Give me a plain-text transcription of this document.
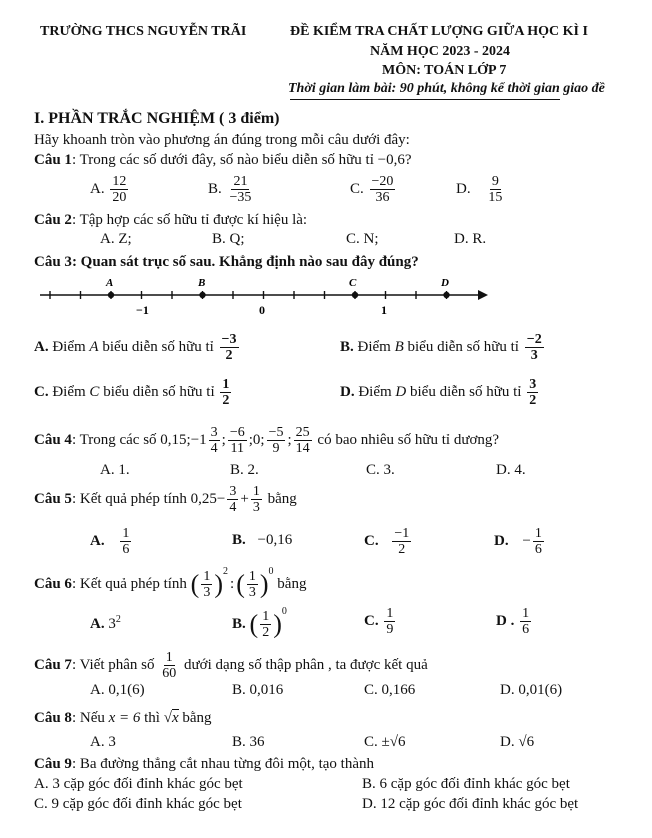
TRƯỜNG THCS NGUYỄN TRÃI	ĐỀ KIỂM TRA CHẤT LƯỢNG GIỮA HỌC KÌ I
NĂM HỌC 2023 - 2024
MÔN: TOÁN LỚP 7
Thời gian làm bài: 90 phút, không kể thời gian giao đề
I. PHẦN TRẮC NGHIỆM ( 3 điểm)
Hãy khoanh tròn vào phương án đúng trong mỗi câu dưới đây:
Câu 1: Trong các số dưới đây, số nào biểu diễn số hữu tỉ −0,6?
A. $\frac{12}{20}$	B. $\frac{21}{-35}$	C. $\frac{-20}{36}$	D. $\frac{9}{15}$
Câu 2: Tập hợp các số hữu tỉ được kí hiệu là:
A. Z;	B. Q;	C. N;	D. R.
Câu 3: Quan sát trục số sau. Khẳng định nào sau đây đúng?
A	B	C	D
−1	0	1
A. Điểm A biểu diễn số hữu tỉ $\frac{-3}{2}$	B. Điểm B biểu diễn số hữu tỉ $\frac{-2}{3}$
C. Điểm C biểu diễn số hữu tỉ $\frac{1}{2}$	D. Điểm D biểu diễn số hữu tỉ $\frac{3}{2}$
Câu 4: Trong các số 0,15;−1 $\frac{3}{4}$ ; $\frac{-6}{11}$ ;0; $\frac{-5}{9}$ ; $\frac{25}{14}$ có bao nhiêu số hữu tỉ dương?
A. 1.	B. 2.	C. 3.	D. 4.
Câu 5: Kết quả phép tính $0,25- \frac{3}{4} + \frac{1}{3}$ bằng
A. $\frac{1}{6}$	B. −0,16	C. $\frac{-1}{2}$	D. − $\frac{1}{6}$
Câu 6: Kết quả phép tính ( $\frac{1}{3}$ )$^2$:( $\frac{1}{3} )^0$ bằng
A. $3^2$	B. ( $\frac{1}{2} )^0$
C. $\frac{1}{9}$	D . $\frac{1}{6}$
Câu 7: Viết phân số $\frac{1}{60}$ dưới dạng số thập phân , ta được kết quả
A. 0,1(6)	B. 0,016	C. 0,166	D. 0,01(6)
Câu 8: Nếu x = 6 thì √x bằng
A. 3	B. 36	C. ±√6	D. √6
Câu 9: Ba đường thẳng cắt nhau từng đôi một, tạo thành
A. 3 cặp góc đối đỉnh khác góc bẹt	B. 6 cặp góc đối đỉnh khác góc bẹt
C. 9 cặp góc đối đỉnh khác góc bẹt	D. 12 cặp góc đối đỉnh khác góc bẹt
